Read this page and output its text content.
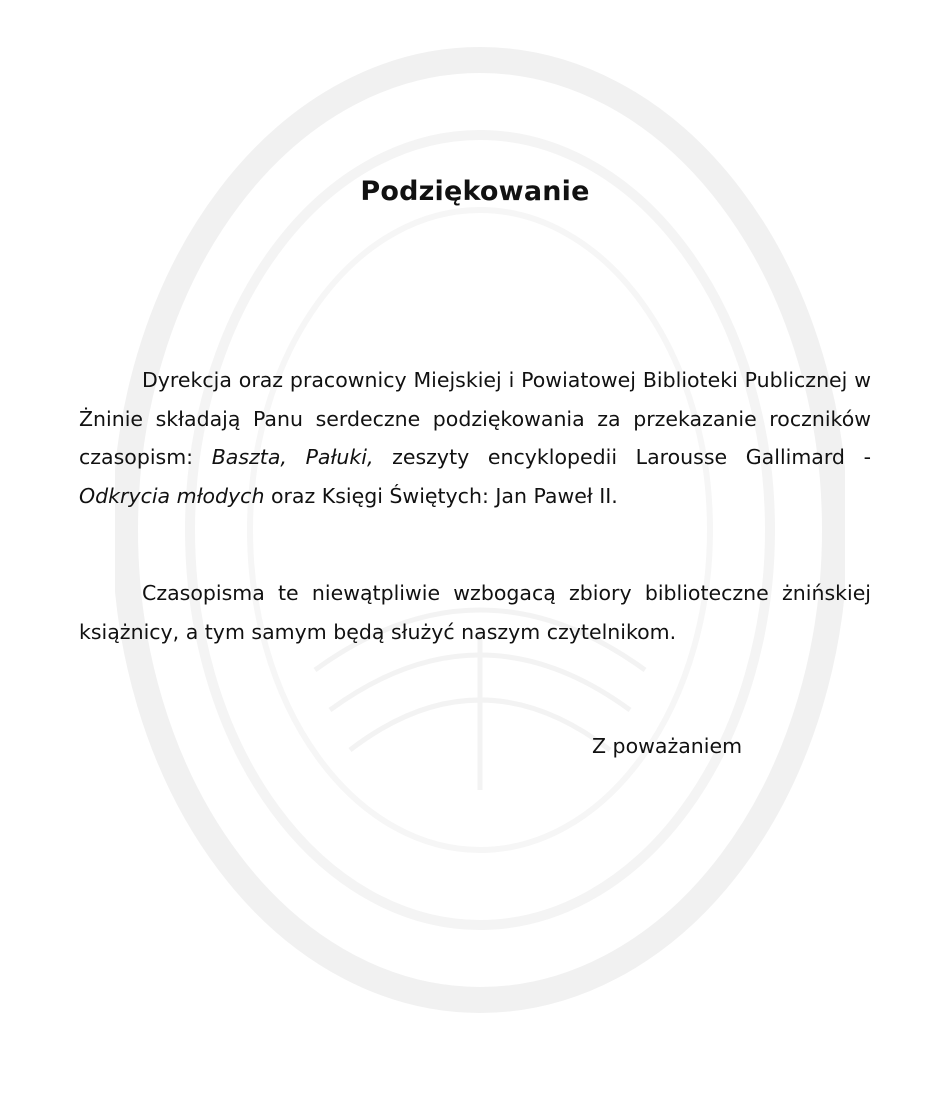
Podziękowanie

Dyrekcja oraz pracownicy Miejskiej i Powiatowej Biblioteki Publicznej w Żninie składają Panu serdeczne podziękowania za przekazanie roczników czasopism: Baszta, Pałuki, zeszyty encyklopedii Larousse Gallimard - Odkrycia młodych oraz Księgi Świętych: Jan Paweł II.

Czasopisma te niewątpliwie wzbogacą zbiory biblioteczne żnińskiej książnicy, a tym samym będą służyć naszym czytelnikom.

Z poważaniem
